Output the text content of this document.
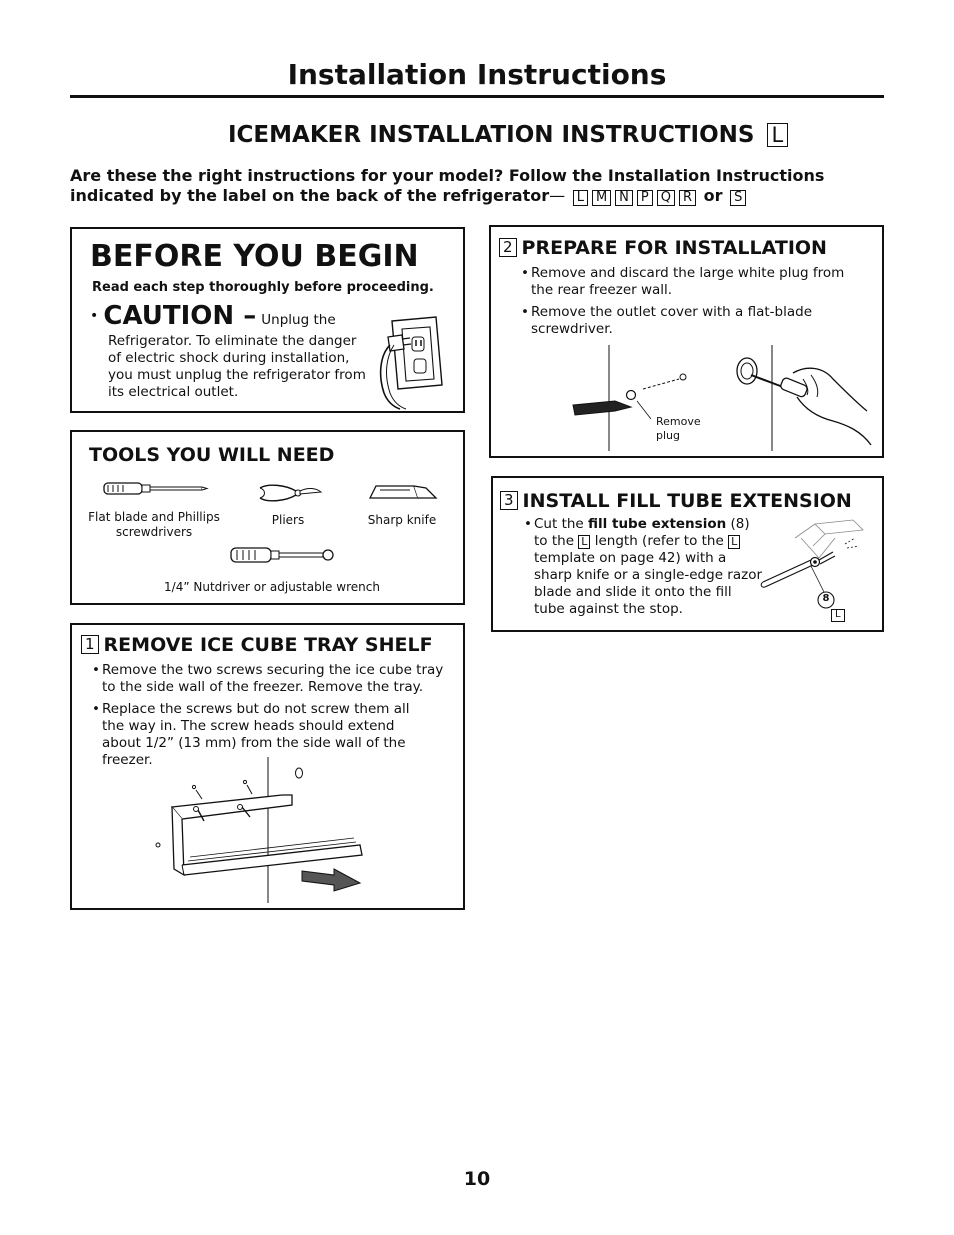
Installation Instructions
ICEMAKER INSTALLATION INSTRUCTIONS L
Are these the right instructions for your model? Follow the Installation Instructions indicated by the label on the back of the refrigerator— L M N P Q R or S
BEFORE YOU BEGIN
Read each step thoroughly before proceeding.
• CAUTION – Unplug the
Refrigerator. To eliminate the danger of electric shock during installation, you must unplug the refrigerator from its electrical outlet.
TOOLS YOU WILL NEED
Flat blade and Phillips screwdrivers
Pliers	Sharp knife
1/4” Nutdriver or adjustable wrench
1 REMOVE ICE CUBE TRAY SHELF
• Remove the two screws securing the ice cube tray to the side wall of the freezer. Remove the tray.
• Replace the screws but do not screw them all the way in. The screw heads should extend about 1/2” (13 mm) from the side wall of the freezer.
2 PREPARE FOR INSTALLATION
• Remove and discard the large white plug from the rear freezer wall.
• Remove the outlet cover with a flat-blade screwdriver.
Remove plug
3 INSTALL FILL TUBE EXTENSION
• Cut the fill tube extension (8) to the L length (refer to the L template on page 42) with a sharp knife or a single-edge razor blade and slide it onto the fill tube against the stop.
8
L
10
